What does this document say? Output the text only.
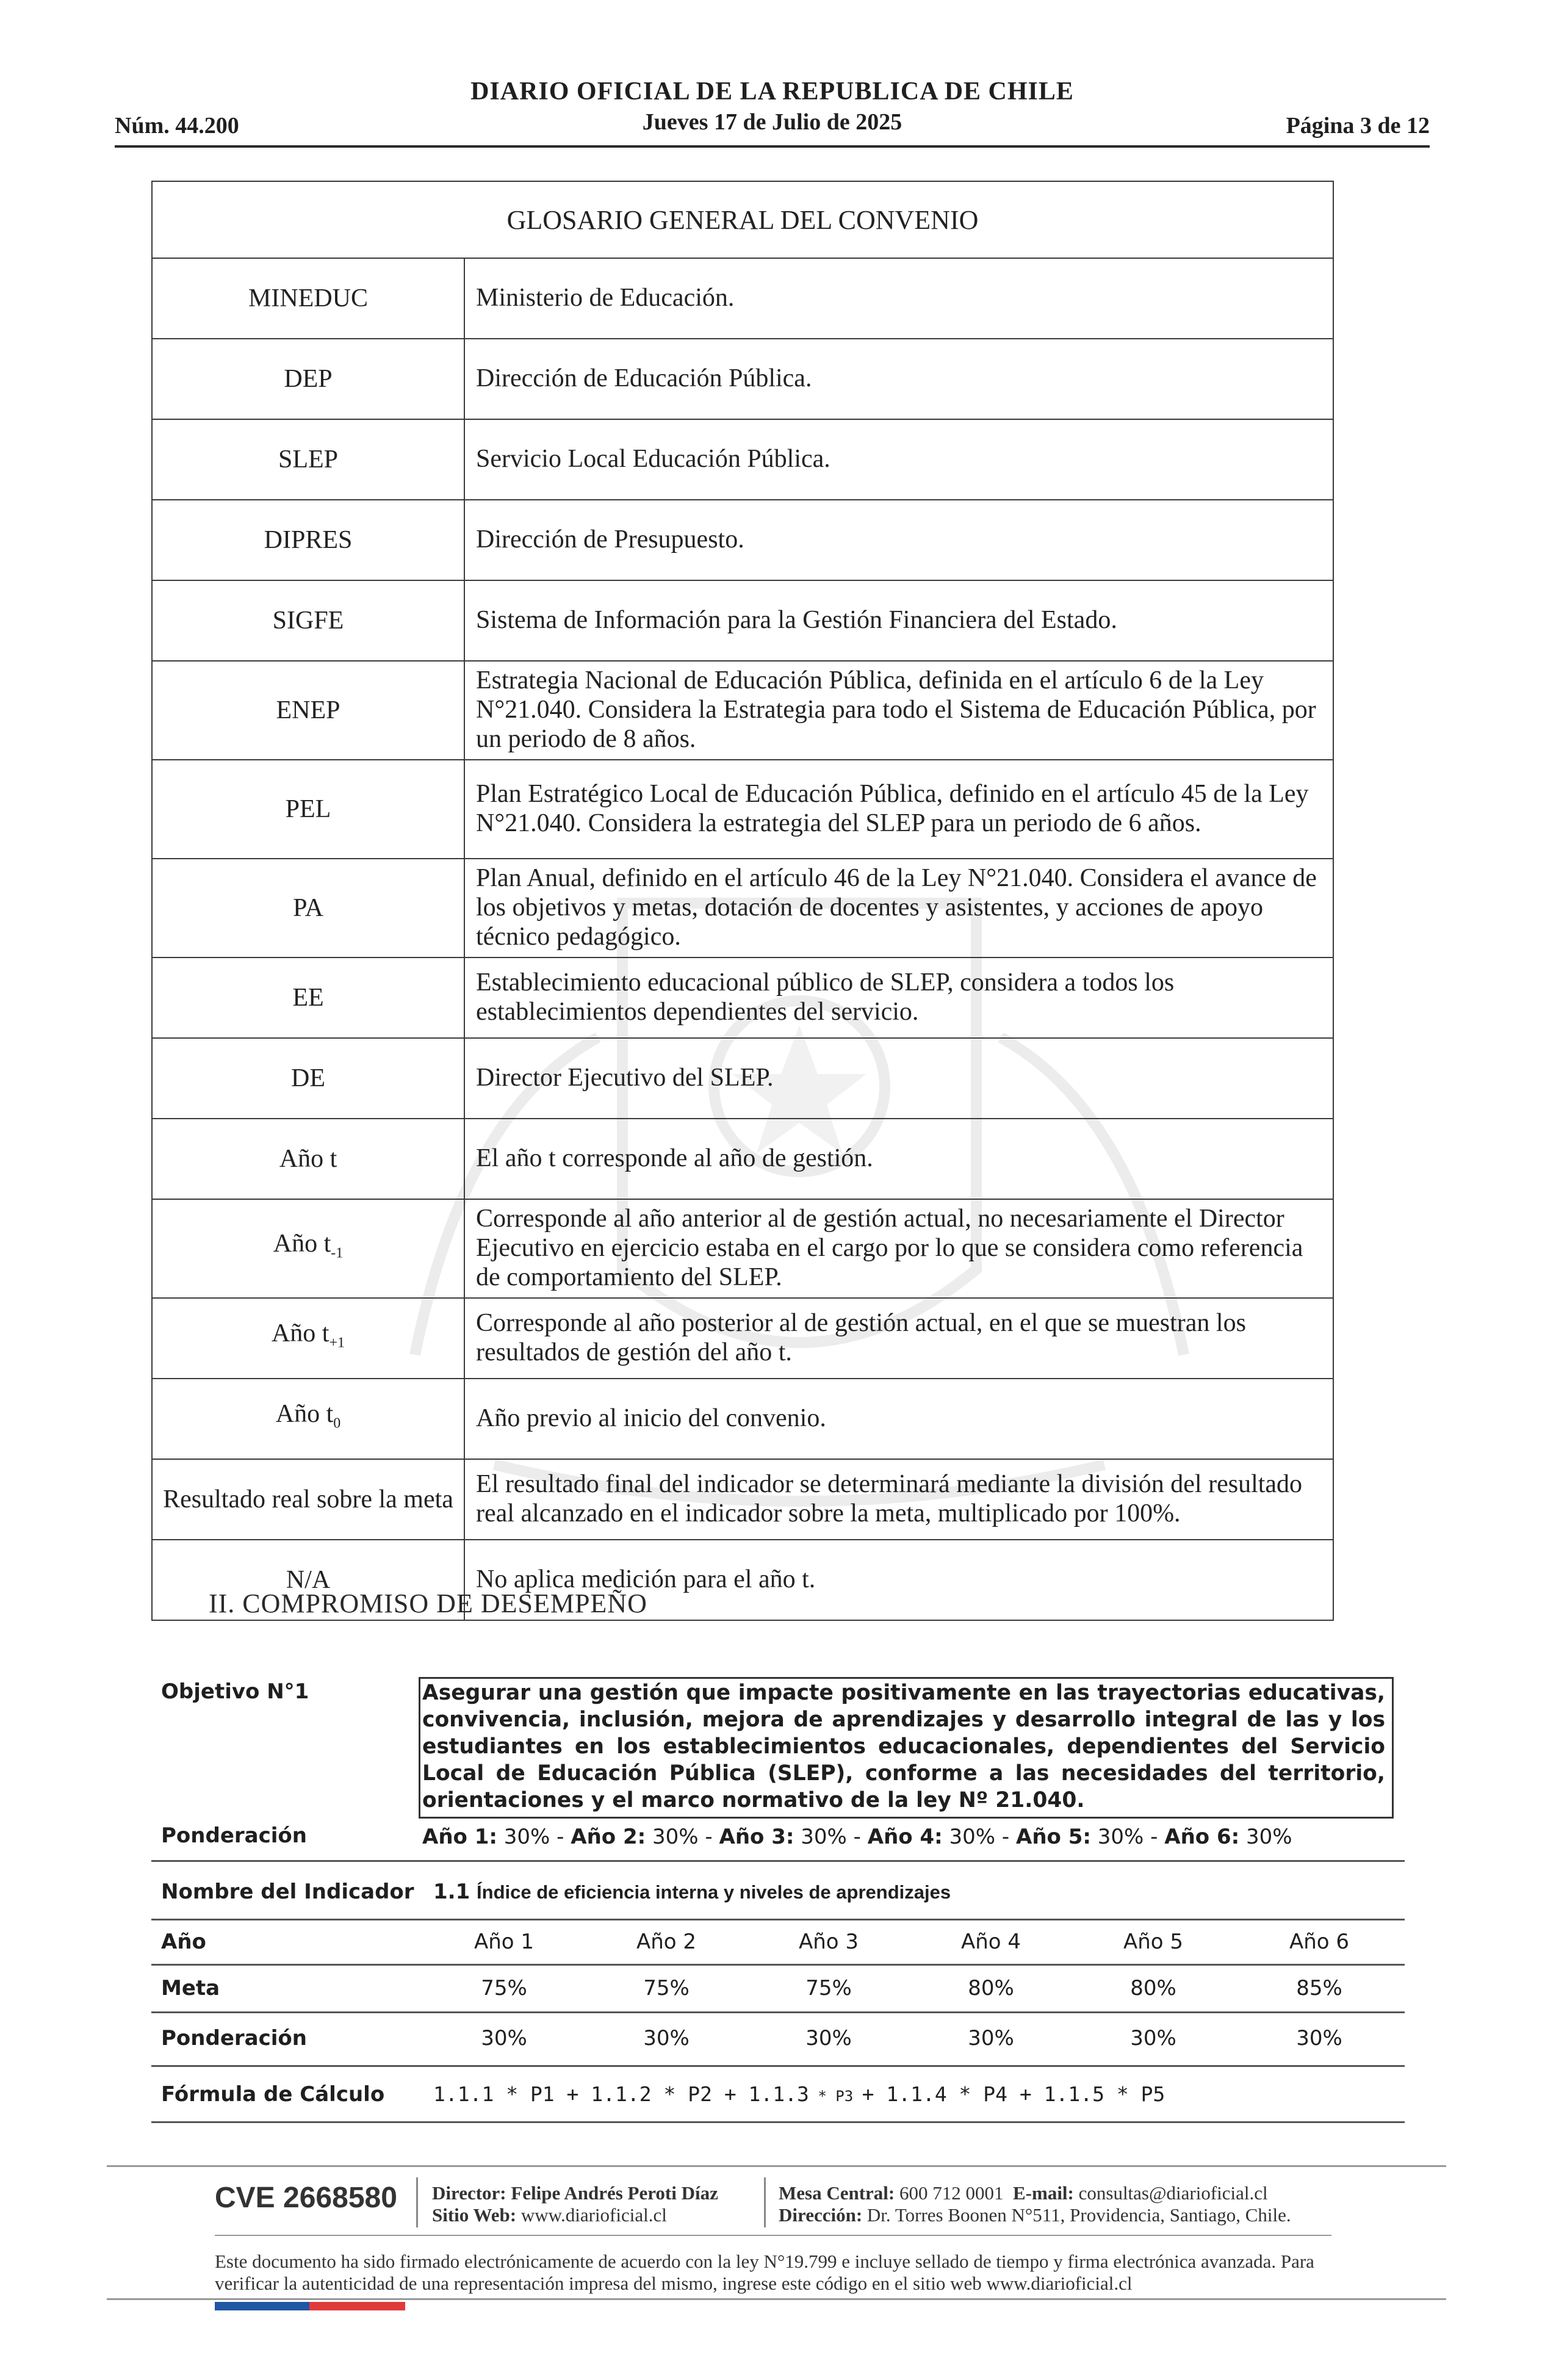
Núm. 44.200
DIARIO OFICIAL DE LA REPUBLICA DE CHILE
Jueves 17 de Julio de 2025	Página 3 de 12
GLOSARIO GENERAL DEL CONVENIO	
MINEDUC	Ministerio de Educación.
DEP	Dirección de Educación Pública.
SLEP	Servicio Local Educación Pública.
DIPRES	Dirección de Presupuesto.
SIGFE	Sistema de Información para la Gestión Financiera del Estado.
ENEP	Estrategia Nacional de Educación Pública, definida en el artículo 6 de la Ley N°21.040. Considera la Estrategia para todo el Sistema de Educación Pública, por un periodo de 8 años.
PEL	Plan Estratégico Local de Educación Pública, definido en el artículo 45 de la Ley N°21.040. Considera la estrategia del SLEP para un periodo de 6 años.
PA	Plan Anual, definido en el artículo 46 de la Ley N°21.040. Considera el avance de los objetivos y metas, dotación de docentes y asistentes, y acciones de apoyo técnico pedagógico.
EE	Establecimiento educacional público de SLEP, considera a todos los establecimientos dependientes del servicio.
DE	Director Ejecutivo del SLEP.
Año t	El año t corresponde al año de gestión.
Año $t_{-1}$	Corresponde al año anterior al de gestión actual, no necesariamente el Director Ejecutivo en ejercicio estaba en el cargo por lo que se considera como referencia de comportamiento del SLEP.
Año $t_{+1}$	Corresponde al año posterior al de gestión actual, en el que se muestran los resultados de gestión del año t.
Año $t_0$	Año previo al inicio del convenio.
Resultado real sobre la meta	El resultado final del indicador se determinará mediante la división del resultado real alcanzado en el indicador sobre la meta, multiplicado por 100%.
N/A	No aplica medición para el año t.
II. COMPROMISO DE DESEMPEÑO
Objetivo N°1	Asegurar una gestión que impacte positivamente en las trayectorias educativas, convivencia, inclusión, mejora de aprendizajes y desarrollo integral de las y los estudiantes en los establecimientos educacionales, dependientes del Servicio Local de Educación Pública (SLEP), conforme a las necesidades del territorio, orientaciones y el marco normativo de la ley Nº 21.040.
Ponderación	Año 1: 30% - Año 2: 30% - Año 3: 30% - Año 4: 30% - Año 5: 30% - Año 6: 30%
Nombre del Indicador 1.1 Índice de eficiencia interna y niveles de aprendizajes
Año	Año 1	Año 2	Año 3	Año 4	Año 5	Año 6
Meta	75%	75%	75%	80%	80%	85%
Ponderación	30%	30%	30%	30%	30%	30%
Fórmula de Cálculo 1.1.1 * P1 + 1.1.2 * P2 + 1.1.3 * P3 + 1.1.4 * P4 + 1.1.5 * P5
CVE 2668580 Director: Felipe Andrés Peroti Díaz
Sitio Web: www.diarioficial.cl
Mesa Central: 600 712 0001 E-mail: consultas@diarioficial.cl
Dirección: Dr. Torres Boonen N°511, Providencia, Santiago, Chile.
Este documento ha sido firmado electrónicamente de acuerdo con la ley N°19.799 e incluye sellado de tiempo y firma electrónica avanzada. Para verificar la autenticidad de una representación impresa del mismo, ingrese este código en el sitio web www.diarioficial.cl
